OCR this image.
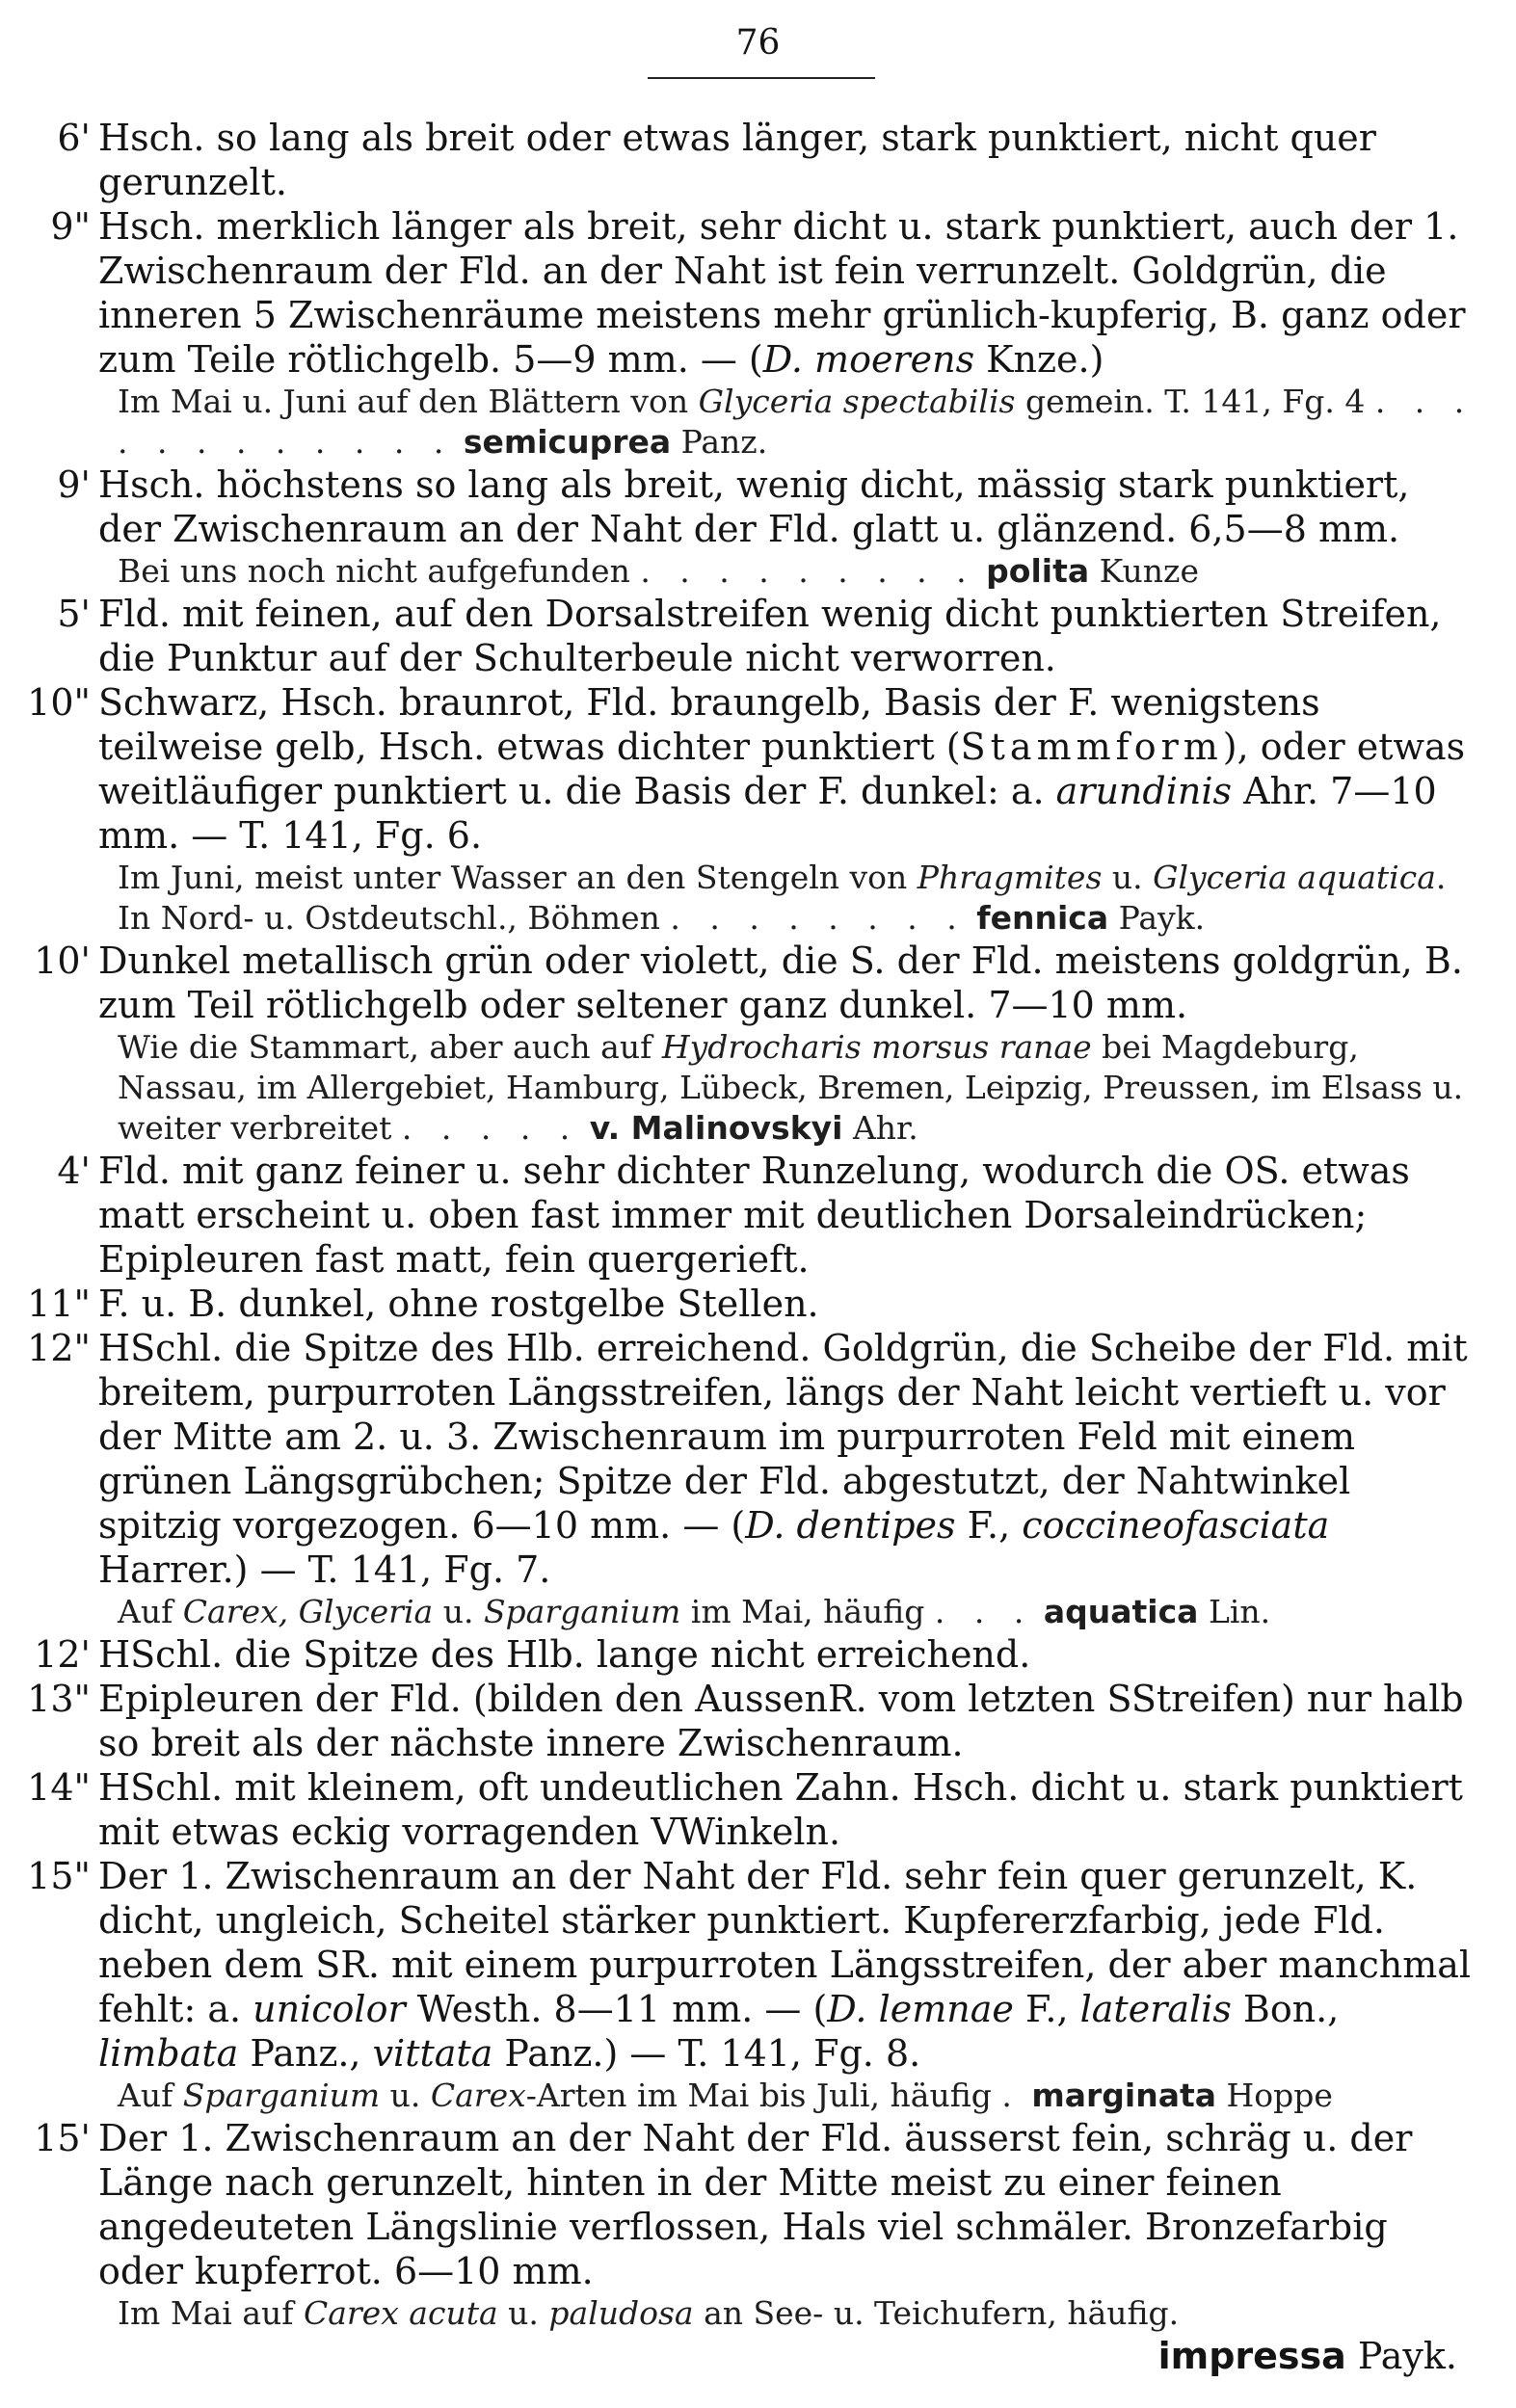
76
6' Hsch. so lang als breit oder etwas länger, stark punktiert, nicht quer gerunzelt.
9" Hsch. merklich länger als breit, sehr dicht u. stark punktiert, auch der 1. Zwischenraum der Fld. an der Naht ist fein verrunzelt. Goldgrün, die inneren 5 Zwischenräume meistens mehr grünlich-kupferig, B. ganz oder zum Teile rötlichgelb. 5—9 mm. — (D. moerens Knze.)
Im Mai u. Juni auf den Blättern von Glyceria spectabilis gemein. T. 141, Fg. 4 . . . . . . . . . . . . semicuprea Panz.
9' Hsch. höchstens so lang als breit, wenig dicht, mässig stark punktiert, der Zwischenraum an der Naht der Fld. glatt u. glänzend. 6,5—8 mm.
Bei uns noch nicht aufgefunden . . . . . . . . . polita Kunze
5' Fld. mit feinen, auf den Dorsalstreifen wenig dicht punktierten Streifen, die Punktur auf der Schulterbeule nicht verworren.
10" Schwarz, Hsch. braunrot, Fld. braungelb, Basis der F. wenigstens teilweise gelb, Hsch. etwas dichter punktiert (Stammform), oder etwas weitläufiger punktiert u. die Basis der F. dunkel: a. arundinis Ahr. 7—10 mm. — T. 141, Fg. 6.
Im Juni, meist unter Wasser an den Stengeln von Phragmites u. Glyceria aquatica.
In Nord- u. Ostdeutschl., Böhmen . . . . . . . . fennica Payk.
10' Dunkel metallisch grün oder violett, die S. der Fld. meistens goldgrün, B. zum Teil rötlichgelb oder seltener ganz dunkel. 7—10 mm.
Wie die Stammart, aber auch auf Hydrocharis morsus ranae bei Magdeburg, Nassau, im Allergebiet, Hamburg, Lübeck, Bremen, Leipzig, Preussen, im Elsass u. weiter verbreitet . . . . . v. Malinovskyi Ahr.
4' Fld. mit ganz feiner u. sehr dichter Runzelung, wodurch die OS. etwas matt erscheint u. oben fast immer mit deutlichen Dorsaleindrücken; Epipleuren fast matt, fein quergerieft.
11" F. u. B. dunkel, ohne rostgelbe Stellen.
12" HSchl. die Spitze des Hlb. erreichend. Goldgrün, die Scheibe der Fld. mit breitem, purpurroten Längsstreifen, längs der Naht leicht vertieft u. vor der Mitte am 2. u. 3. Zwischenraum im purpurroten Feld mit einem grünen Längsgrübchen; Spitze der Fld. abgestutzt, der Nahtwinkel spitzig vorgezogen. 6—10 mm. — (D. dentipes F., coccineofasciata Harrer.) — T. 141, Fg. 7.
Auf Carex, Glyceria u. Sparganium im Mai, häufig . . . aquatica Lin.
12' HSchl. die Spitze des Hlb. lange nicht erreichend.
13" Epipleuren der Fld. (bilden den AussenR. vom letzten SStreifen) nur halb so breit als der nächste innere Zwischenraum.
14" HSchl. mit kleinem, oft undeutlichen Zahn. Hsch. dicht u. stark punktiert mit etwas eckig vorragenden VWinkeln.
15" Der 1. Zwischenraum an der Naht der Fld. sehr fein quer gerunzelt, K. dicht, ungleich, Scheitel stärker punktiert. Kupfererzfarbig, jede Fld. neben dem SR. mit einem purpurroten Längsstreifen, der aber manchmal fehlt: a. unicolor Westh. 8—11 mm. — (D. lemnae F., lateralis Bon., limbata Panz., vittata Panz.) — T. 141, Fg. 8.
Auf Sparganium u. Carex-Arten im Mai bis Juli, häufig . marginata Hoppe
15' Der 1. Zwischenraum an der Naht der Fld. äusserst fein, schräg u. der Länge nach gerunzelt, hinten in der Mitte meist zu einer feinen angedeuteten Längslinie verflossen, Hals viel schmäler. Bronzefarbig oder kupferrot. 6—10 mm.
Im Mai auf Carex acuta u. paludosa an See- u. Teichufern, häufig.
impressa Payk.
